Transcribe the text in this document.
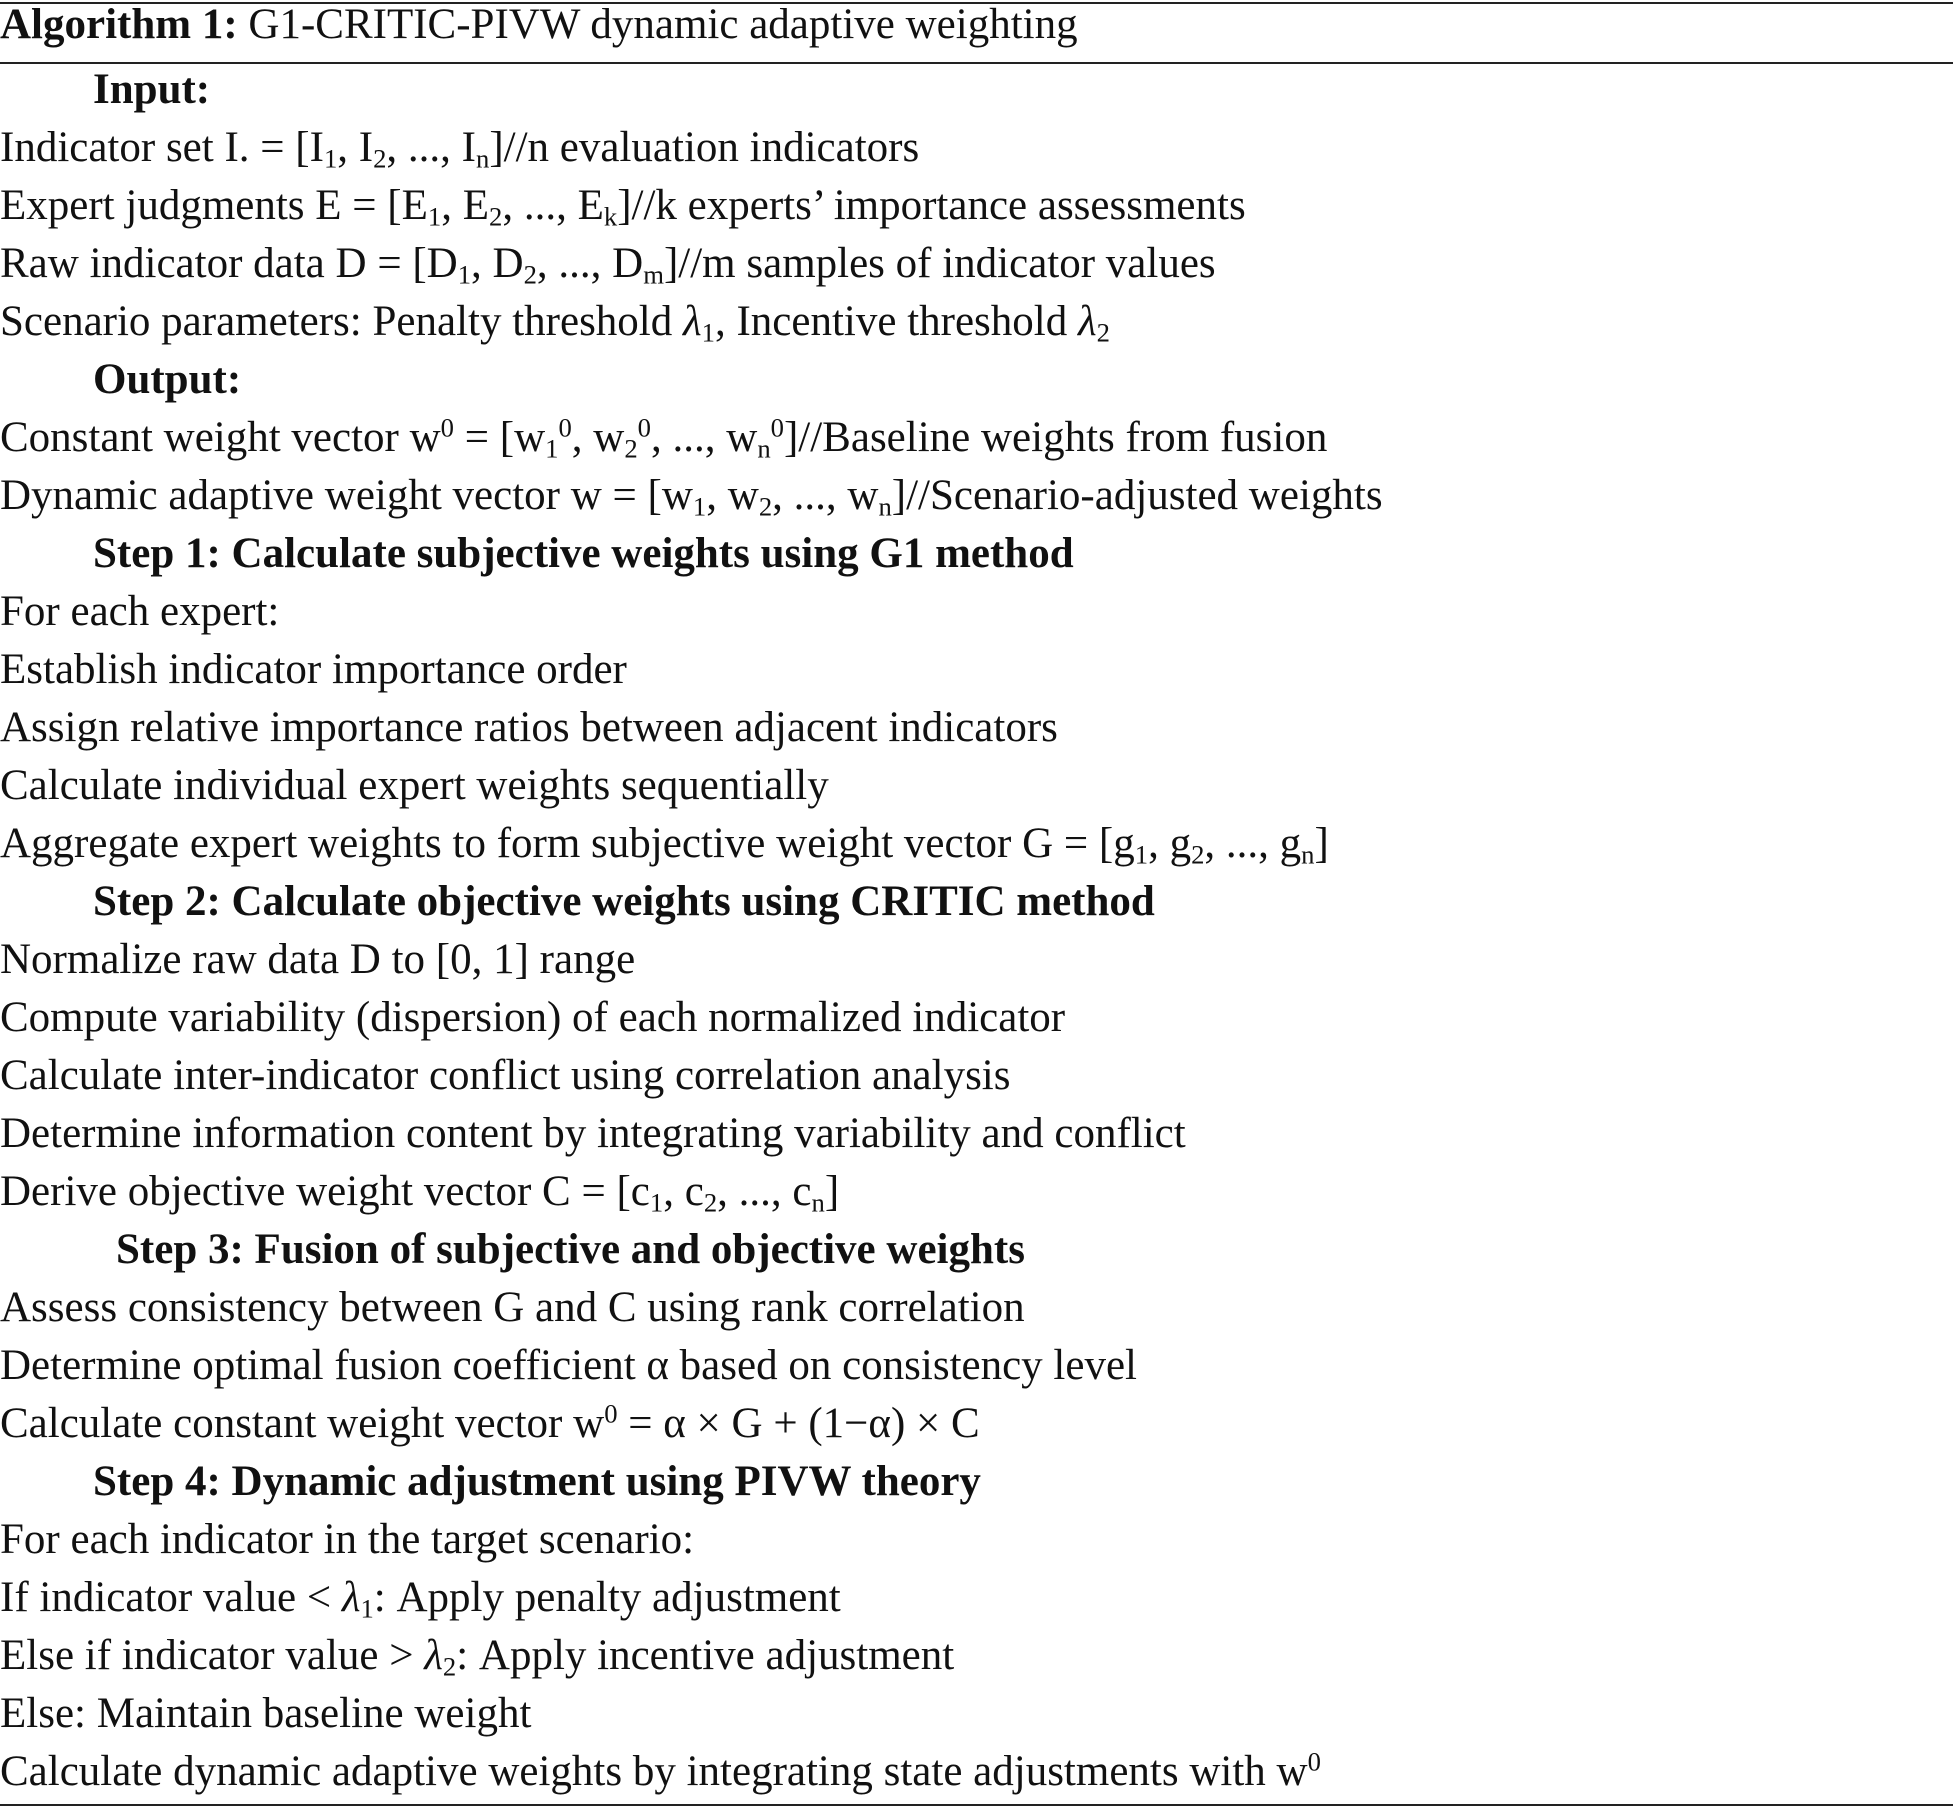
Algorithm 1: G1-CRITIC-PIVW dynamic adaptive weighting
Input:
Indicator set I. = [$I_1$, $I_2$, ..., $I_n]//n$ evaluation indicators
Expert judgments $E = [E_1$, $E_2$, ..., $E_k]//k$ experts’ importance assessments
Raw indicator data $D = [D_1$, $D_2$, ..., $D_m]//m$ samples of indicator values
Scenario parameters: Penalty threshold $\lambda_1$, Incentive threshold $\lambda_2$
Output:
Constant weight vector $w^0 = [w_1^0$, $w_2^0$, ..., $w_n^0]/$/Baseline weights from fusion
Dynamic adaptive weight vector $w = [w_1$, $w_2$, ..., $w_n]//Scenario$-adjusted weights
Step 1: Calculate subjective weights using G1 method
For each expert:
Establish indicator importance order
Assign relative importance ratios between adjacent indicators
Calculate individual expert weights sequentially
Aggregate expert weights to form subjective weight vector $G = [g_1$, $g_2$, ..., $g_n$]
Step 2: Calculate objective weights using CRITIC method
Normalize raw data D to [0, 1] range
Compute variability (dispersion) of each normalized indicator
Calculate inter-indicator conflict using correlation analysis
Determine information content by integrating variability and conflict
Derive objective weight vector $C = [c_1$, $c_2$, ..., $c_n$]
Step 3: Fusion of subjective and objective weights
Assess consistency between G and C using rank correlation
Determine optimal fusion coefficient α based on consistency level
Calculate constant weight vector $w^0 = \alpha \times G + (1-\alpha) \times C$
Step 4: Dynamic adjustment using PIVW theory
For each indicator in the target scenario:
If indicator value < $\lambda_1$: Apply penalty adjustment
Else if indicator value > $\lambda_2$: Apply incentive adjustment
Else: Maintain baseline weight
Calculate dynamic adaptive weights by integrating state adjustments with $w^0$
